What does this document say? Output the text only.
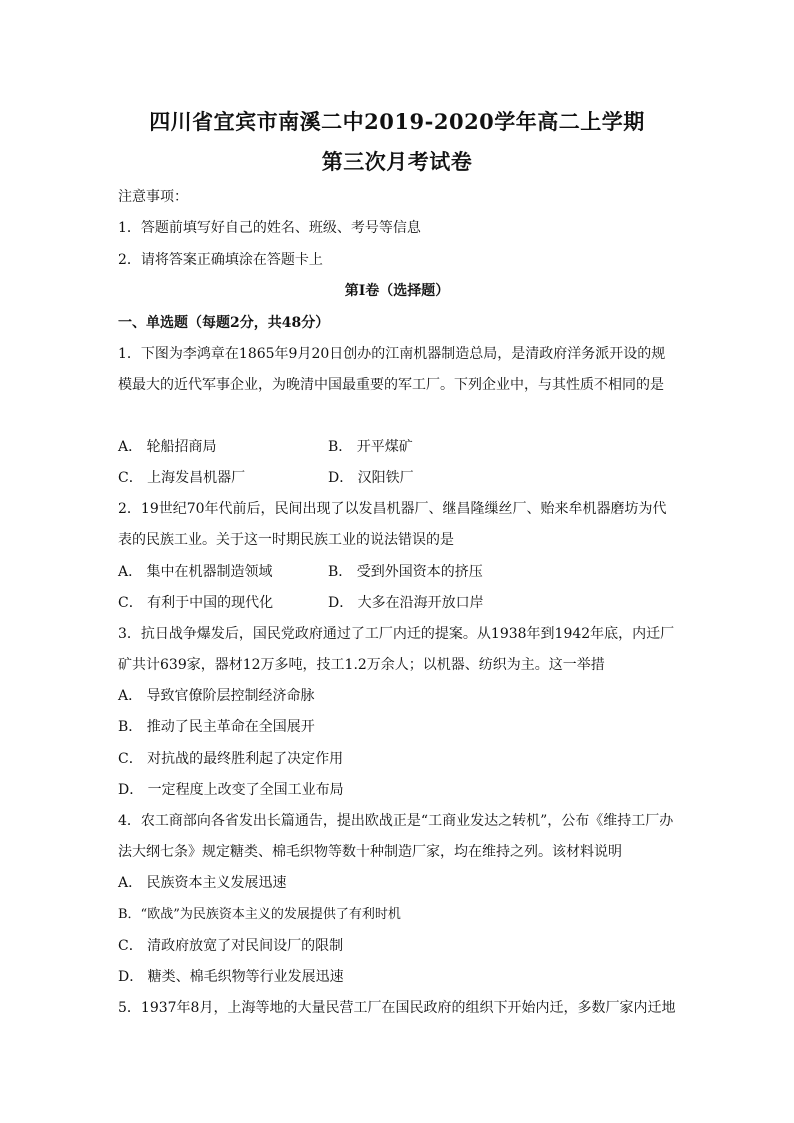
四川省宜宾市南溪二中2019-2020学年高二上学期
第三次月考试卷
注意事项：
1．答题前填写好自己的姓名、班级、考号等信息
2．请将答案正确填涂在答题卡上
第I卷（选择题）
一、单选题（每题2分，共48分）
1．下图为李鸿章在1865年9月20日创办的江南机器制造总局，是清政府洋务派开设的规
模最大的近代军事企业，为晚清中国最重要的军工厂。下列企业中，与其性质不相同的是
A． 轮船招商局	B． 开平煤矿
C． 上海发昌机器厂	D． 汉阳铁厂
2．19世纪70年代前后，民间出现了以发昌机器厂、继昌隆缫丝厂、贻来牟机器磨坊为代
表的民族工业。关于这一时期民族工业的说法错误的是
A． 集中在机器制造领域	B． 受到外国资本的挤压
C． 有利于中国的现代化	D． 大多在沿海开放口岸
3．抗日战争爆发后，国民党政府通过了工厂内迁的提案。从1938年到1942年底，内迁厂
矿共计639家，器材12万多吨，技工1.2万余人；以机器、纺织为主。这一举措
A． 导致官僚阶层控制经济命脉
B． 推动了民主革命在全国展开
C． 对抗战的最终胜利起了决定作用
D． 一定程度上改变了全国工业布局
4．农工商部向各省发出长篇通告，提出欧战正是“工商业发达之转机”，公布《维持工厂办
法大纲七条》规定糖类、棉毛织物等数十种制造厂家，均在维持之列。该材料说明
A． 民族资本主义发展迅速
B．“欧战”为民族资本主义的发展提供了有利时机
C． 清政府放宽了对民间设厂的限制
D． 糖类、棉毛织物等行业发展迅速
5．1937年8月，上海等地的大量民营工厂在国民政府的组织下开始内迁，多数厂家内迁地
